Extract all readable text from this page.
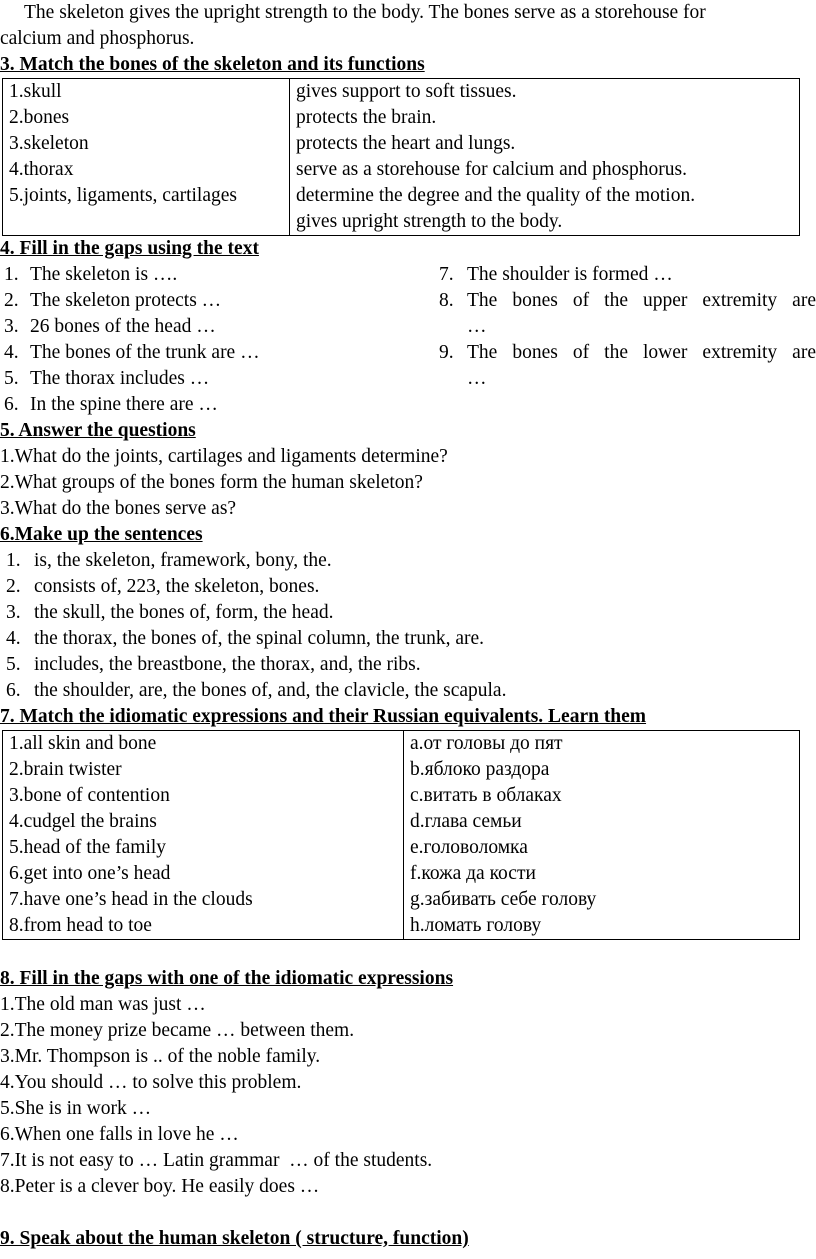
The skeleton gives the upright strength to the body. The bones serve as a storehouse for
calcium and phosphorus.
3. Match the bones of the skeleton and its functions
1.skull	gives support to soft tissues.
2.bones	protects the brain.
3.skeleton	protects the heart and lungs.
4.thorax	serve as a storehouse for calcium and phosphorus.
5.joints, ligaments, cartilages	determine the degree and the quality of the motion.
	gives upright strength to the body.
4. Fill in the gaps using the text
1. The skeleton is ….
2. The skeleton protects …
3. 26 bones of the head …
4. The bones of the trunk are …
5. The thorax includes …
6. In the spine there are …
7. The shoulder is formed …
8. The bones of the upper extremity are
…
9. The bones of the lower extremity are
…
5. Answer the questions
1.What do the joints, cartilages and ligaments determine?
2.What groups of the bones form the human skeleton?
3.What do the bones serve as?
6.Make up the sentences
1. is, the skeleton, framework, bony, the.
2. consists of, 223, the skeleton, bones.
3. the skull, the bones of, form, the head.
4. the thorax, the bones of, the spinal column, the trunk, are.
5. includes, the breastbone, the thorax, and, the ribs.
6. the shoulder, are, the bones of, and, the clavicle, the scapula.
7. Match the idiomatic expressions and their Russian equivalents. Learn them
1.all skin and bone	a.от головы до пят
2.brain twister	b.яблоко раздора
3.bone of contention	c.витать в облаках
4.cudgel the brains	d.глава семьи
5.head of the family	e.головоломка
6.get into one’s head	f.кожа да кости
7.have one’s head in the clouds	g.забивать себе голову
8.from head to toe	h.ломать голову
8. Fill in the gaps with one of the idiomatic expressions
1.The old man was just …
2.The money prize became … between them.
3.Mr. Thompson is .. of the noble family.
4.You should … to solve this problem.
5.She is in work …
6.When one falls in love he …
7.It is not easy to … Latin grammar  … of the students.
8.Peter is a clever boy. He easily does …
9. Speak about the human skeleton ( structure, function)
